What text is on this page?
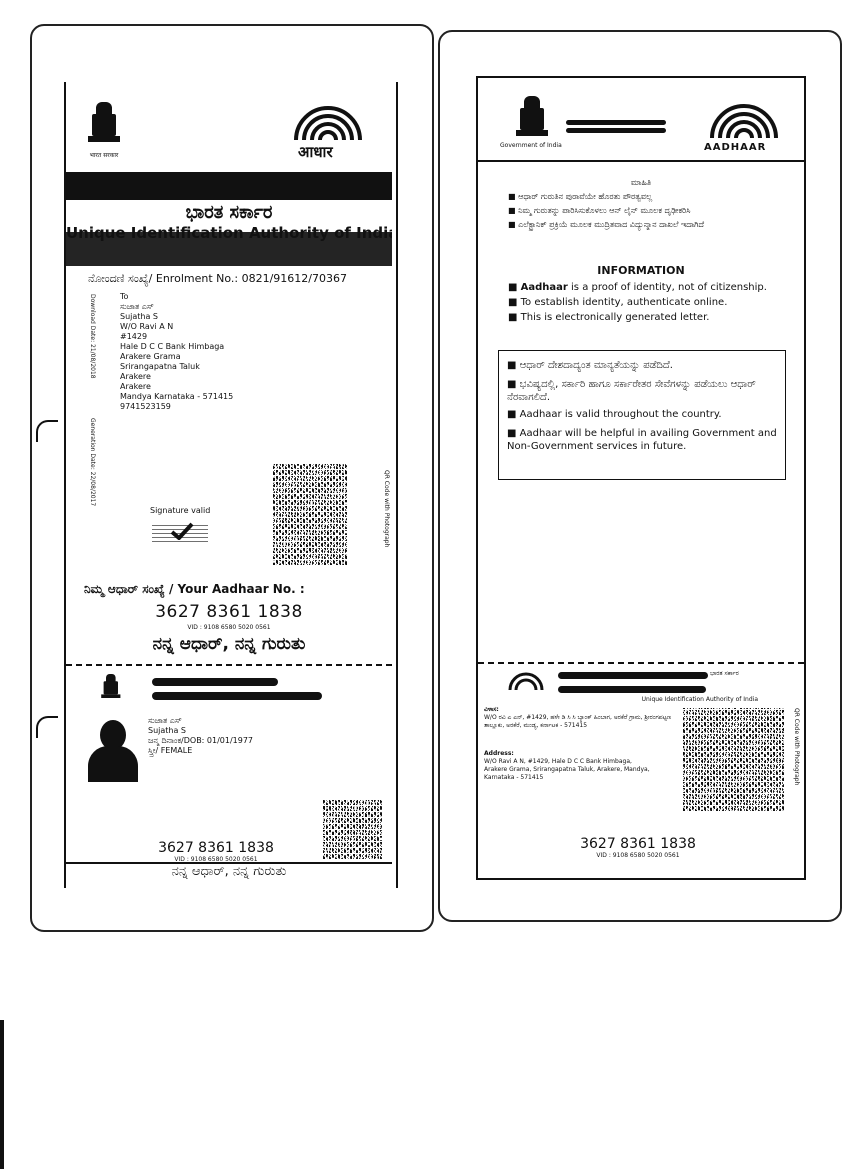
भारत सरकार	आधार
ಭಾರತ ಸರ್ಕಾರ
ನೋಂದಣಿ ಸಂಖ್ಯೆ/ Enrolment No.: 0821/91612/70367
Download Date: 21/08/2018
Generation Date: 22/08/2017
To
ಸುಜಾತ ಎಸ್
Sujatha S
W/O Ravi A N
#1429
Hale D C C Bank Himbaga
Arakere Grama
Srirangapatna Taluk
Arakere
Arakere
Mandya Karnataka - 571415
9741523159
QR Code with Photograph
Signature valid
ನಿಮ್ಮ ಆಧಾರ್ ಸಂಖ್ಯೆ / Your Aadhaar No. :
3627 8361 1838
VID : 9108 6580 5020 0561
ನನ್ನ ಆಧಾರ್, ನನ್ನ ಗುರುತು
ಸುಜಾತ ಎಸ್
Sujatha S
ಜನ್ಮ ದಿನಾಂಕ/DOB: 01/01/1977
ಸ್ತ್ರೀ/ FEMALE
3627 8361 1838
VID : 9108 6580 5020 0561
ನನ್ನ ಆಧಾರ್, ನನ್ನ ಗುರುತು
Government of India	AADHAAR
ಮಾಹಿತಿ
■ ಆಧಾರ್ ಗುರುತಿನ ಪುರಾವೆಯೇ ಹೊರತು ಪೌರತ್ವವಲ್ಲ
■ ನಿಮ್ಮ ಗುರುತನ್ನು ಪಾರಿಸಿಸುಕೊಳಲು ಆನ್ ಲೈನ್ ಮೂಲಕ ದೃಢೀಕರಿಸಿ
■ ಎಲೆಕ್ಟ್ರಾನಿಕ್ ಪ್ರಕ್ರಿಯೆ ಮೂಲಕ ಮುದ್ರಿತವಾದ ವಿದ್ಯುನ್ಮಾನ ದಾಖಲೆ ಇದಾಗಿದೆ
INFORMATION
■ Aadhaar is a proof of identity, not of citizenship.
■ To establish identity, authenticate online.
■ This is electronically generated letter.
■ ಆಧಾರ್ ದೇಶದಾದ್ಯಂತ ಮಾನ್ಯತೆಯನ್ನು ಪಡೆದಿದೆ.
■ ಭವಿಷ್ಯದಲ್ಲಿ, ಸರ್ಕಾರಿ ಹಾಗೂ ಸರ್ಕಾರೇತರ ಸೇವೆಗಳನ್ನು ಪಡೆಯಲು ಆಧಾರ್ ನೆರವಾಗಲಿದೆ.
■ Aadhaar is valid throughout the country.
■ Aadhaar will be helpful in availing Government and Non-Government services in future.
ಭಾರತ ಸರ್ಕಾರ
Unique Identification Authority of India
ವಿಳಾಸ:
W/O ರವಿ ಎ ಎನ್, #1429, ಹಳೇ ಡಿ ಸಿ ಸಿ ಬ್ಯಾಂಕ್ ಹಿಂಬಾಗ, ಅರಕೆರೆ ಗ್ರಾಮ, ಶ್ರೀರಂಗಪಟ್ಟಣ ತಾಲ್ಲೂಕು, ಅರಕೆರೆ, ಮಂಡ್ಯ, ಕರ್ನಾಟಕ - 571415
Address:
W/O Ravi A N, #1429, Hale D C C Bank Himbaga, Arakere Grama, Srirangapatna Taluk, Arakere, Mandya, Karnataka - 571415	QR Code with Photograph
3627 8361 1838
VID : 9108 6580 5020 0561
